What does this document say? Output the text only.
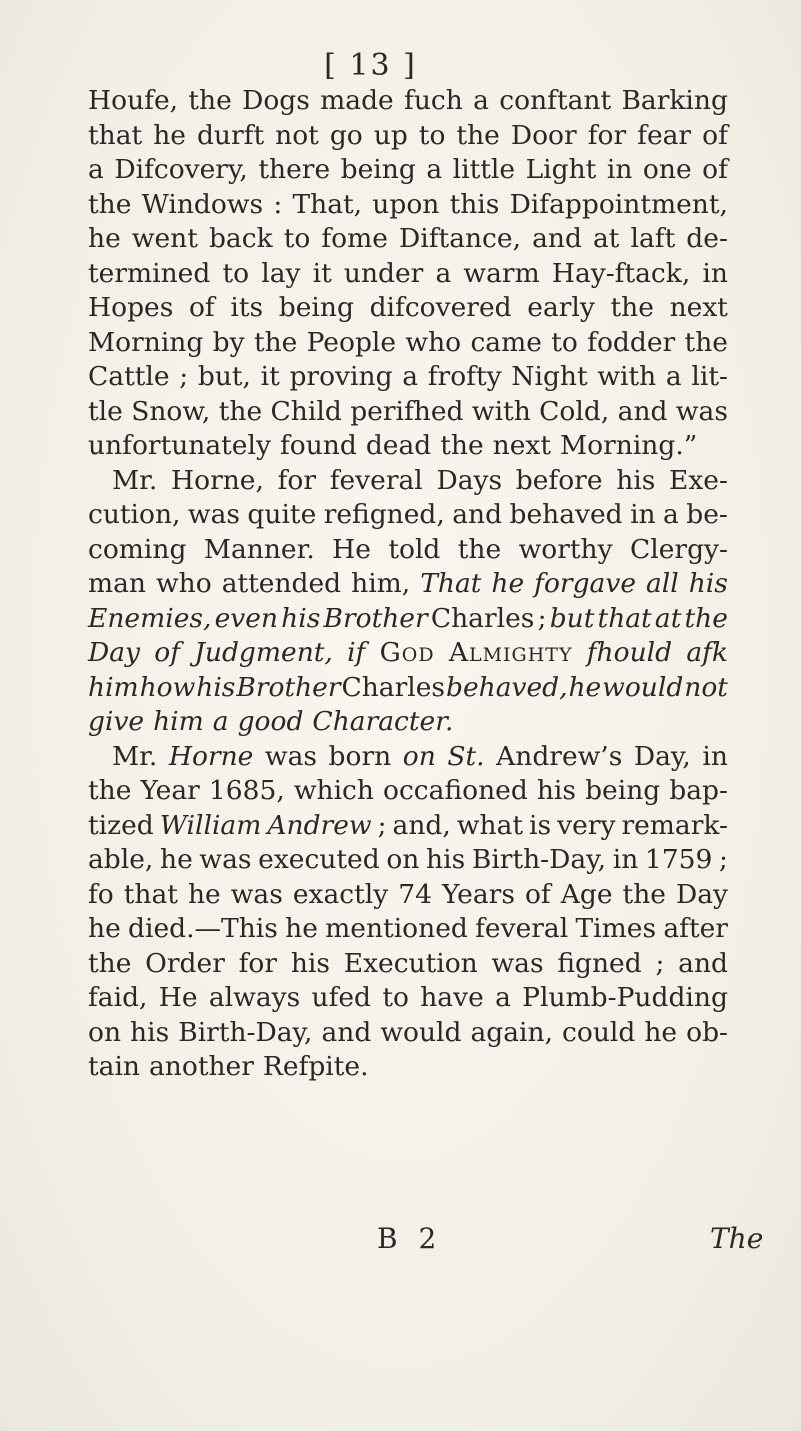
[ 13 ]
Houfe, the Dogs made fuch a conftant Barking
that he durft not go up to the Door for fear of
a Difcovery, there being a little Light in one of
the Windows : That, upon this Difappointment,
he went back to fome Diftance, and at laft de-
termined to lay it under a warm Hay-ftack, in
Hopes of its being difcovered early the next
Morning by the People who came to fodder the
Cattle ; but, it proving a frofty Night with a lit-
tle Snow, the Child perifhed with Cold, and was
unfortunately found dead the next Morning.”
Mr. Horne, for feveral Days before his Exe-
cution, was quite refigned, and behaved in a be-
coming Manner. He told the worthy Clergy-
man who attended him, That he forgave all his
Enemies, even his Brother Charles ; but that at the
Day of Judgment, if God Almighty fhould afk
him how his Brother Charles behaved, he would not
give him a good Character.
Mr. Horne was born on St. Andrew’s Day, in
the Year 1685, which occafioned his being bap-
tized William Andrew ; and, what is very remark-
able, he was executed on his Birth-Day, in 1759 ;
fo that he was exactly 74 Years of Age the Day
he died.—This he mentioned feveral Times after
the Order for his Execution was figned ; and
faid, He always ufed to have a Plumb-Pudding
on his Birth-Day, and would again, could he ob-
tain another Refpite.
B 2	The
